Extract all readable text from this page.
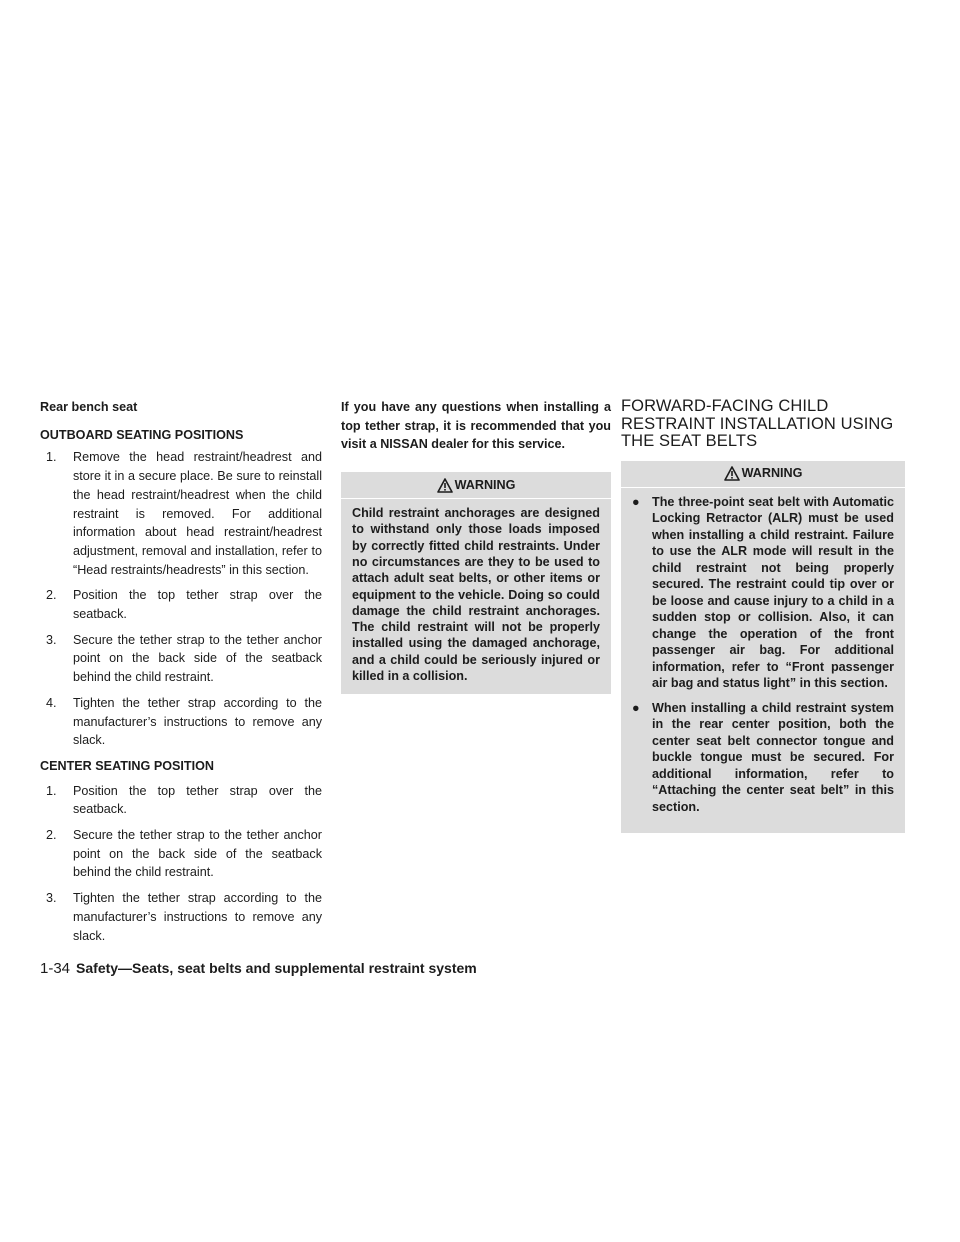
Rear bench seat

OUTBOARD SEATING POSITIONS

1. Remove the head restraint/headrest and store it in a secure place. Be sure to reinstall the head restraint/headrest when the child restraint is removed. For additional information about head restraint/headrest adjustment, removal and installation, refer to “Head restraints/headrests” in this section.
2. Position the top tether strap over the seatback.
3. Secure the tether strap to the tether anchor point on the back side of the seatback behind the child restraint.
4. Tighten the tether strap according to the manufacturer’s instructions to remove any slack.

CENTER SEATING POSITION

1. Position the top tether strap over the seatback.
2. Secure the tether strap to the tether anchor point on the back side of the seatback behind the child restraint.
3. Tighten the tether strap according to the manufacturer’s instructions to remove any slack.

If you have any questions when installing a top tether strap, it is recommended that you visit a NISSAN dealer for this service.

WARNING
Child restraint anchorages are designed to withstand only those loads imposed by correctly fitted child restraints. Under no circumstances are they to be used to attach adult seat belts, or other items or equipment to the vehicle. Doing so could damage the child restraint anchorages. The child restraint will not be properly installed using the damaged anchorage, and a child could be seriously injured or killed in a collision.
FORWARD-FACING CHILD RESTRAINT INSTALLATION USING THE SEAT BELTS
WARNING
● The three-point seat belt with Automatic Locking Retractor (ALR) must be used when installing a child restraint. Failure to use the ALR mode will result in the child restraint not being properly secured. The restraint could tip over or be loose and cause injury to a child in a sudden stop or collision. Also, it can change the operation of the front passenger air bag. For additional information, refer to “Front passenger air bag and status light” in this section.
● When installing a child restraint system in the rear center position, both the center seat belt connector tongue and buckle tongue must be secured. For additional information, refer to “Attaching the center seat belt” in this section.
1-34 Safety—Seats, seat belts and supplemental restraint system
